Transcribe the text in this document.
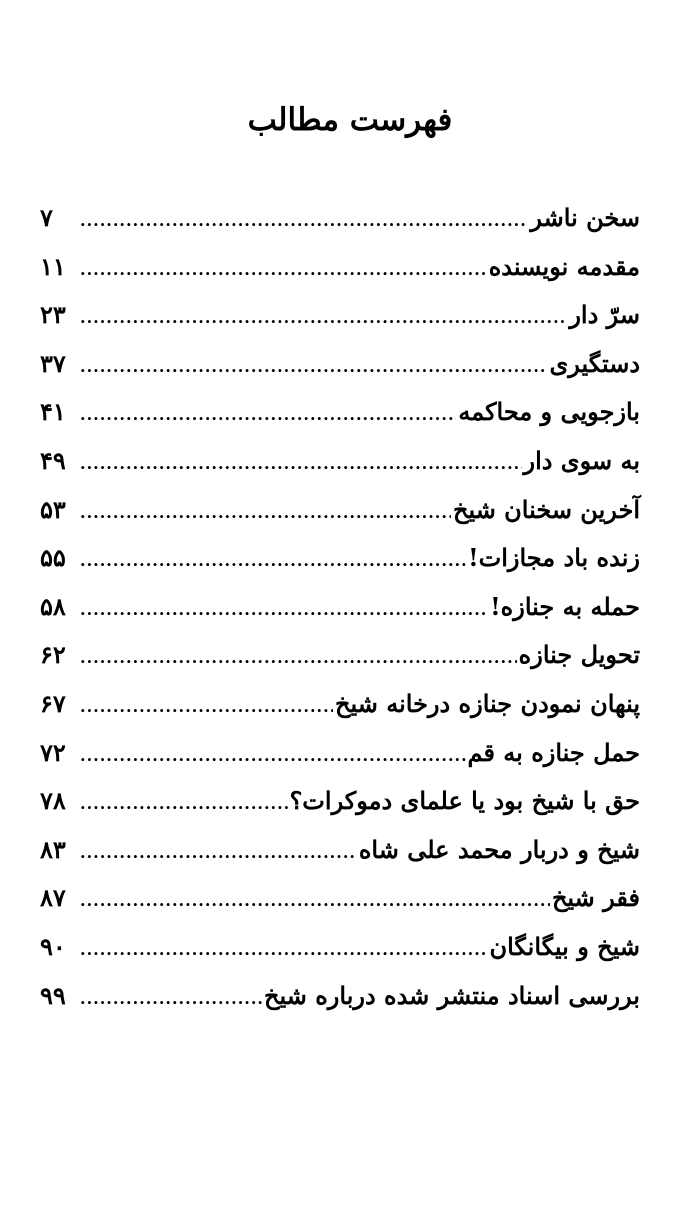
فهرست مطالب
سخن ناشر
.....
۷
مقدمه نویسنده
.....
۱۱
سرّ دار
.....
۲۳
دستگیری
.....
۳۷
بازجویی و محاکمه
.....
۴۱
به سوی دار
.....
۴۹
آخرین سخنان شیخ
.....
۵۳
زنده باد مجازات!
.....
۵۵
حمله به جنازه!
.....
۵۸
تحویل جنازه
.....
۶۲
پنهان نمودن جنازه درخانه شیخ
.....
۶۷
حمل جنازه به قم
.....
۷۲
حق با شیخ بود یا علمای دموکرات؟
.....
۷۸
شیخ و دربار محمد علی شاه
.....
۸۳
فقر شیخ
.....
۸۷
شیخ و بیگانگان
.....
۹۰
بررسی اسناد منتشر شده درباره شیخ
.....
۹۹
